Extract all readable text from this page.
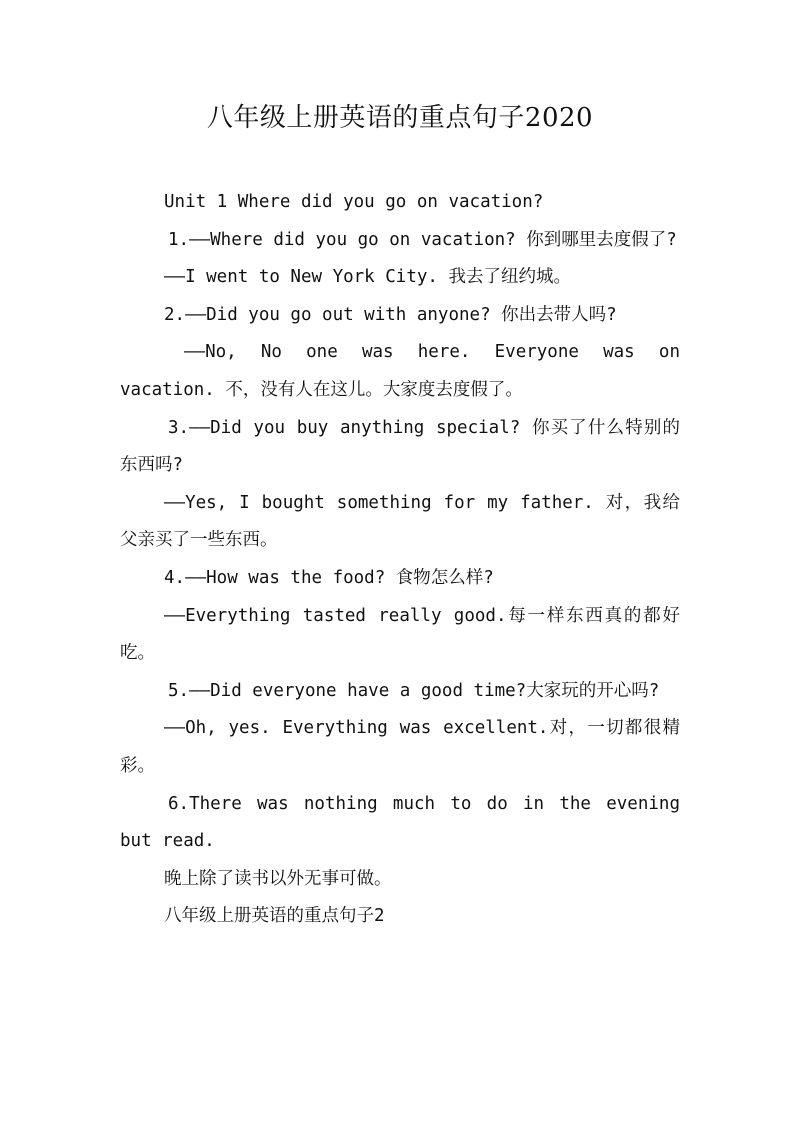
八年级上册英语的重点句子2020

Unit 1 Where did you go on vacation?

1.——Where did you go on vacation? 你到哪里去度假了?

——I went to New York City. 我去了纽约城。

2.——Did you go out with anyone? 你出去带人吗?

——No, No one was here. Everyone was on vacation. 不，没有人在这儿。大家度去度假了。

3.——Did you buy anything special? 你买了什么特别的东西吗?

——Yes, I bought something for my father. 对，我给父亲买了一些东西。

4.——How was the food? 食物怎么样?

——Everything tasted really good.每一样东西真的都好吃。

5.——Did everyone have a good time?大家玩的开心吗?

——Oh, yes. Everything was excellent.对，一切都很精彩。

6.There was nothing much to do in the evening but read.

晚上除了读书以外无事可做。

八年级上册英语的重点句子2
